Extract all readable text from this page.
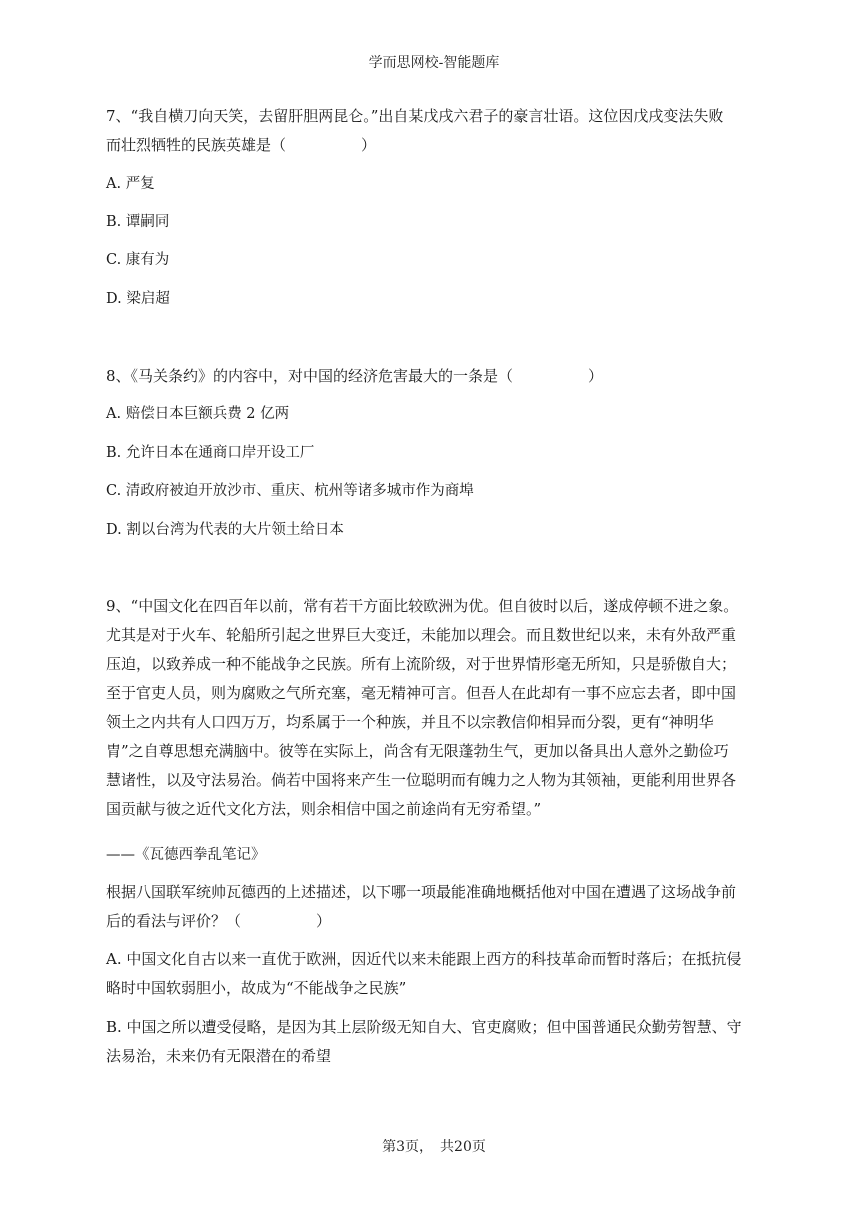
学而思网校-智能题库
7、“我自横刀向天笑，去留肝胆两昆仑。”出自某戊戌六君子的豪言壮语。这位因戊戌变法失败
而壮烈牺牲的民族英雄是（　　　　　）
A. 严复
B. 谭嗣同
C. 康有为
D. 梁启超
8、《马关条约》的内容中，对中国的经济危害最大的一条是（　　　　　）
A. 赔偿日本巨额兵费 2 亿两
B. 允许日本在通商口岸开设工厂
C. 清政府被迫开放沙市、重庆、杭州等诸多城市作为商埠
D. 割以台湾为代表的大片领土给日本
9、“中国文化在四百年以前，常有若干方面比较欧洲为优。但自彼时以后，遂成停顿不进之象。
尤其是对于火车、轮船所引起之世界巨大变迁，未能加以理会。而且数世纪以来，未有外敌严重
压迫，以致养成一种不能战争之民族。所有上流阶级，对于世界情形毫无所知，只是骄傲自大；
至于官吏人员，则为腐败之气所充塞，毫无精神可言。但吾人在此却有一事不应忘去者，即中国
领土之内共有人口四万万，均系属于一个种族，并且不以宗教信仰相异而分裂，更有“神明华
胄”之自尊思想充满脑中。彼等在实际上，尚含有无限蓬勃生气，更加以备具出人意外之勤俭巧
慧诸性，以及守法易治。倘若中国将来产生一位聪明而有魄力之人物为其领袖，更能利用世界各
国贡献与彼之近代文化方法，则余相信中国之前途尚有无穷希望。”
——《瓦德西拳乱笔记》
根据八国联军统帅瓦德西的上述描述，以下哪一项最能准确地概括他对中国在遭遇了这场战争前
后的看法与评价？（　　　　　）
A. 中国文化自古以来一直优于欧洲，因近代以来未能跟上西方的科技革命而暂时落后；在抵抗侵
略时中国软弱胆小，故成为“不能战争之民族”
B. 中国之所以遭受侵略，是因为其上层阶级无知自大、官吏腐败；但中国普通民众勤劳智慧、守
法易治，未来仍有无限潜在的希望
第3页，　共20页
